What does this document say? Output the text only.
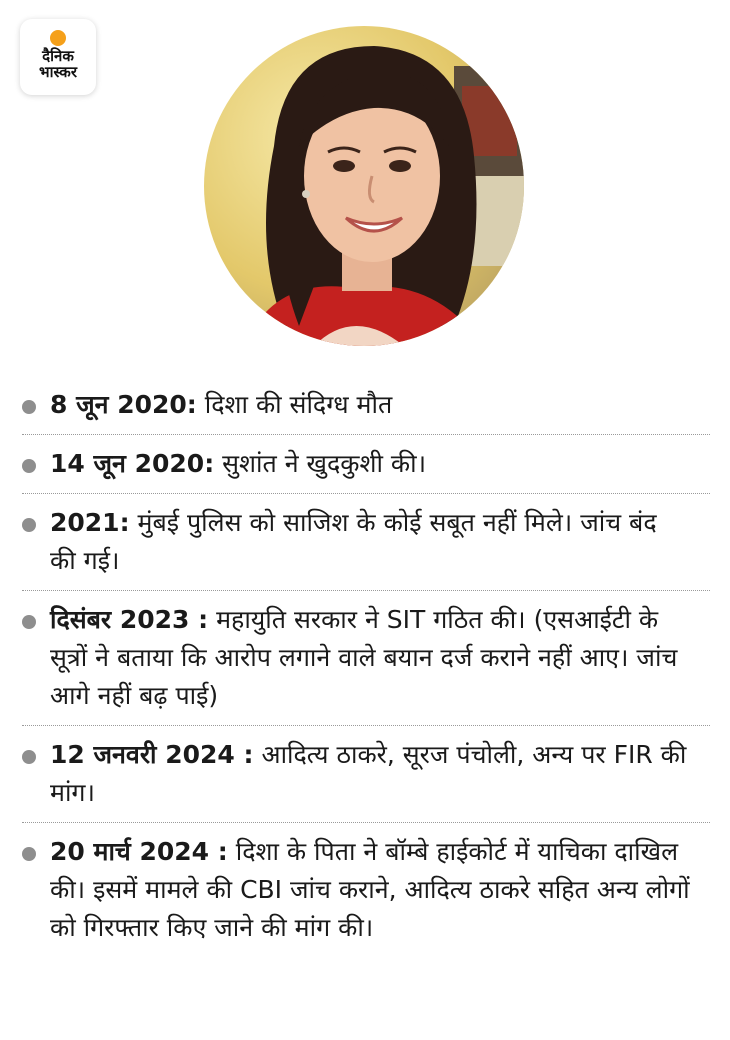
दैनिक
भास्कर
8 जून 2020: दिशा की संदिग्ध मौत
14 जून 2020: सुशांत ने खुदकुशी की।
2021: मुंबई पुलिस को साजिश के कोई सबूत नहीं मिले। जांच बंद की गई।
दिसंबर 2023 : महायुति सरकार ने SIT गठित की। (एसआईटी के सूत्रों ने बताया कि आरोप लगाने वाले बयान दर्ज कराने नहीं आए। जांच आगे नहीं बढ़ पाई)
12 जनवरी 2024 : आदित्य ठाकरे, सूरज पंचोली, अन्य पर FIR की मांग।
20 मार्च 2024 : दिशा के पिता ने बॉम्बे हाईकोर्ट में याचिका दाखिल की। इसमें मामले की CBI जांच कराने, आदित्य ठाकरे सहित अन्य लोगों को गिरफ्तार किए जाने की मांग की।
